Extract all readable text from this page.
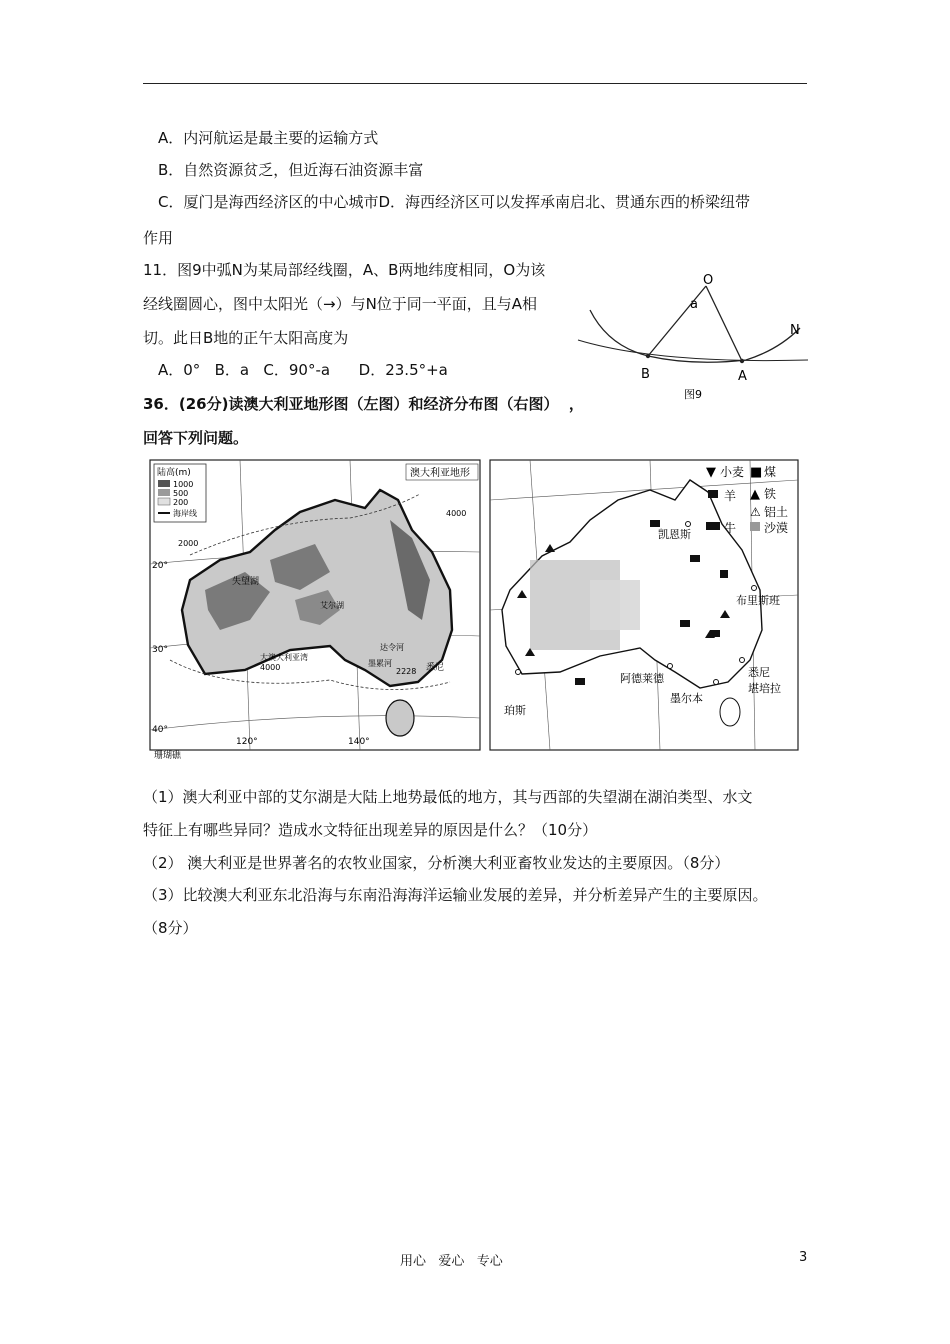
A．内河航运是最主要的运输方式
B．自然资源贫乏，但近海石油资源丰富
C．厦门是海西经济区的中心城市D．海西经济区可以发挥承南启北、贯通东西的桥梁纽带
作用
11．图9中弧N为某局部经线圈，A、B两地纬度相同，O为该
经线圈圆心，图中太阳光（→）与N位于同一平面，且与A相
切。此日B地的正午太阳高度为
A．0°   B．a   C．90°-a      D．23.5°+a
O
a
N
B	A
图9
36．(26分)读澳大利亚地形图（左图）和经济分布图（右图）  ，
回答下列问题。
陆高(m)
1000
500
200
海岸线
澳大利亚地形
20°
30°
40°
120°	140°
2000
4000
4000
失望湖
艾尔湖
大澳大利亚湾
悉尼
墨累河
达令河
2228
珊瑚礁
▼ 小麦 ■ 煤
羊 ▲ 铁
⚠ 铝土
牛 沙漠
凯恩斯
布里斯班
悉尼
堪培拉
墨尔本
阿德莱德
珀斯
（1）澳大利亚中部的艾尔湖是大陆上地势最低的地方，其与西部的失望湖在湖泊类型、水文
特征上有哪些异同？造成水文特征出现差异的原因是什么？（10分）
（2） 澳大利亚是世界著名的农牧业国家，分析澳大利亚畜牧业发达的主要原因。（8分）
（3）比较澳大利亚东北沿海与东南沿海海洋运输业发展的差异，并分析差异产生的主要原因。
（8分）
用心   爱心   专心	3
